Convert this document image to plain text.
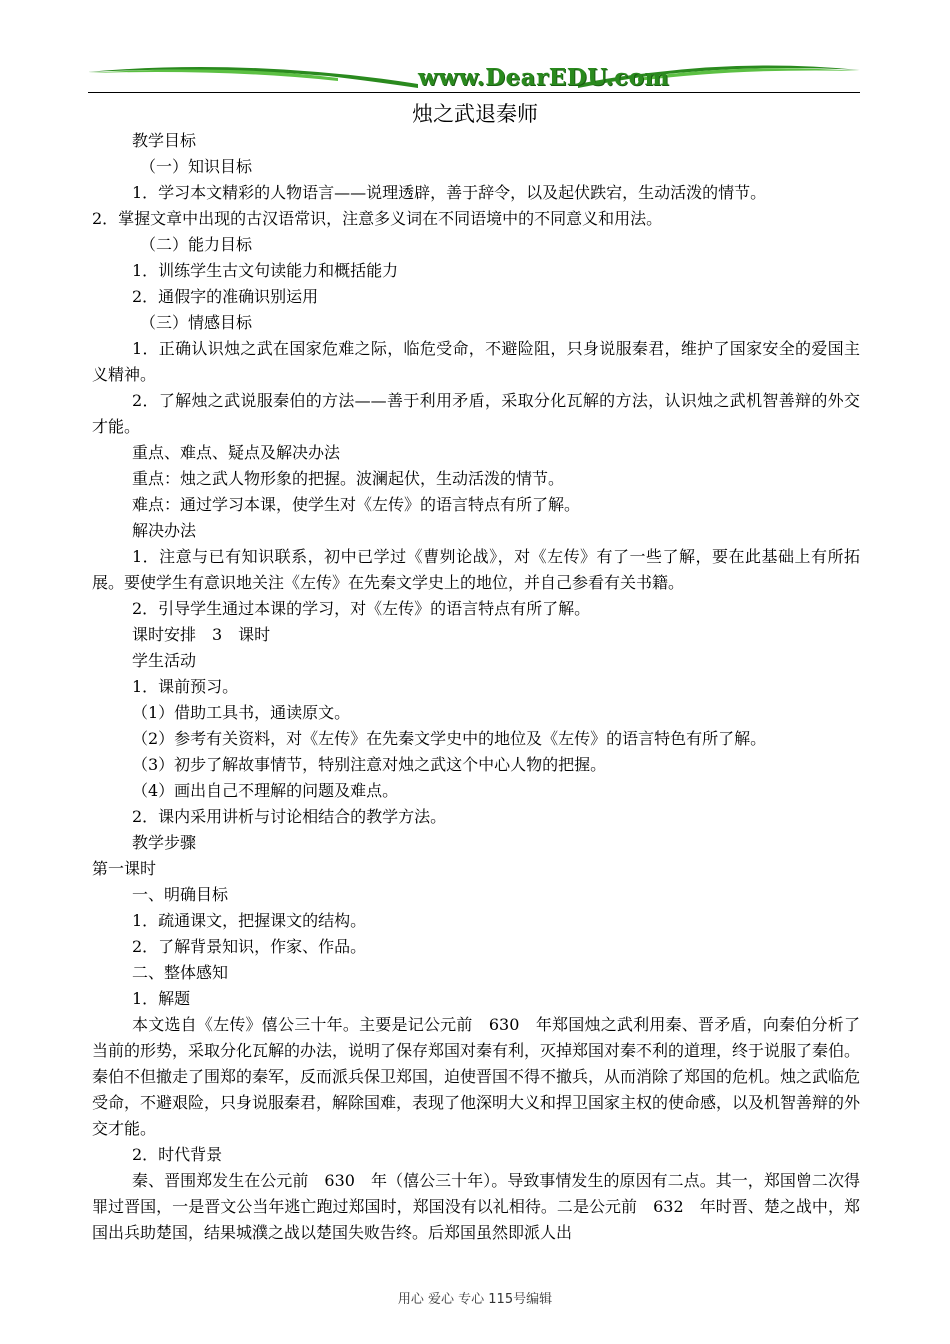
www.DearEDU.com
烛之武退秦师

教学目标

（一）知识目标

1．学习本文精彩的人物语言——说理透辟，善于辞令，以及起伏跌宕，生动活泼的情节。

2．掌握文章中出现的古汉语常识，注意多义词在不同语境中的不同意义和用法。

（二）能力目标

1．训练学生古文句读能力和概括能力

2．通假字的准确识别运用

（三）情感目标

1．正确认识烛之武在国家危难之际，临危受命，不避险阻，只身说服秦君，维护了国家安全的爱国主义精神。

2．了解烛之武说服秦伯的方法——善于利用矛盾，采取分化瓦解的方法，认识烛之武机智善辩的外交才能。

重点、难点、疑点及解决办法

重点：烛之武人物形象的把握。波澜起伏，生动活泼的情节。

难点：通过学习本课，使学生对《左传》的语言特点有所了解。

解决办法

1．注意与已有知识联系，初中已学过《曹刿论战》，对《左传》有了一些了解，要在此基础上有所拓展。要使学生有意识地关注《左传》在先秦文学史上的地位，并自己参看有关书籍。

2．引导学生通过本课的学习，对《左传》的语言特点有所了解。

课时安排　3　课时

学生活动

1．课前预习。

（1）借助工具书，通读原文。

（2）参考有关资料，对《左传》在先秦文学史中的地位及《左传》的语言特色有所了解。

（3）初步了解故事情节，特别注意对烛之武这个中心人物的把握。

（4）画出自己不理解的问题及难点。

2．课内采用讲析与讨论相结合的教学方法。

教学步骤

第一课时

一、明确目标

1．疏通课文，把握课文的结构。

2．了解背景知识，作家、作品。

二、整体感知

1．解题

本文选自《左传》僖公三十年。主要是记公元前　630　年郑国烛之武利用秦、晋矛盾，向秦伯分析了当前的形势，采取分化瓦解的办法，说明了保存郑国对秦有利，灭掉郑国对秦不利的道理，终于说服了秦伯。秦伯不但撤走了围郑的秦军，反而派兵保卫郑国，迫使晋国不得不撤兵，从而消除了郑国的危机。烛之武临危受命，不避艰险，只身说服秦君，解除国难，表现了他深明大义和捍卫国家主权的使命感，以及机智善辩的外交才能。

2．时代背景

秦、晋围郑发生在公元前　630　年（僖公三十年）。导致事情发生的原因有二点。其一，郑国曾二次得罪过晋国，一是晋文公当年逃亡跑过郑国时，郑国没有以礼相待。二是公元前　632　年时晋、楚之战中，郑国出兵助楚国，结果城濮之战以楚国失败告终。后郑国虽然即派人出

用心 爱心 专心 115号编辑
